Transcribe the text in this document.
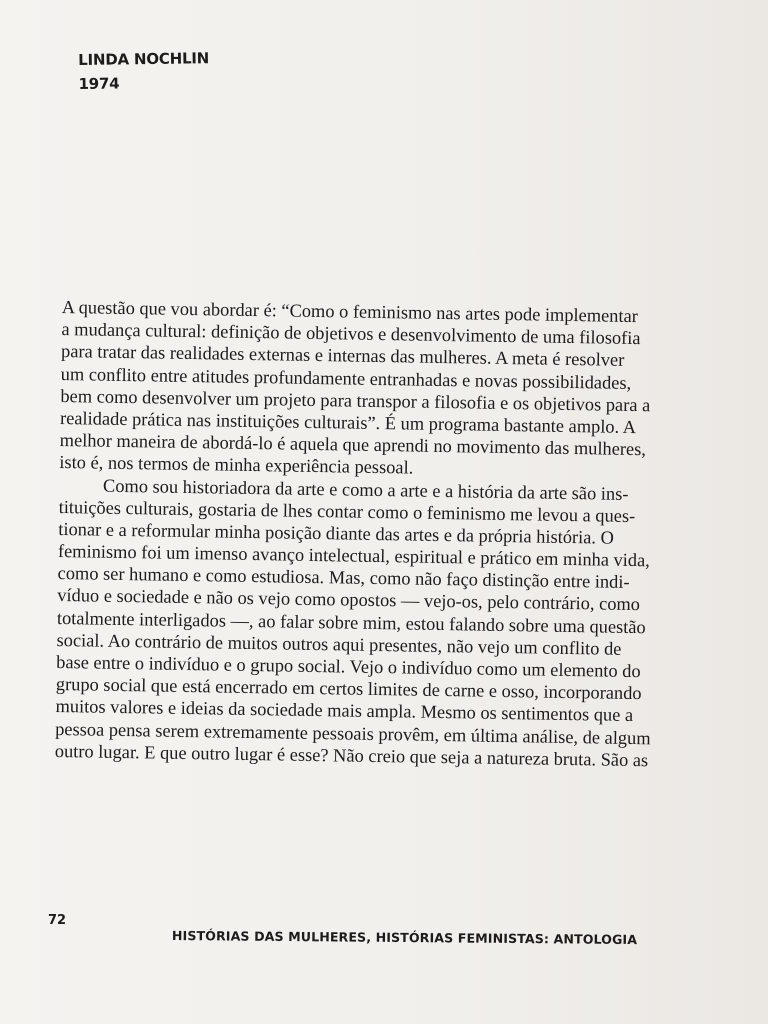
LINDA NOCHLIN
1974
A questão que vou abordar é: “Como o feminismo nas artes pode implementar
a mudança cultural: definição de objetivos e desenvolvimento de uma filosofia
para tratar das realidades externas e internas das mulheres. A meta é resolver
um conflito entre atitudes profundamente entranhadas e novas possibilidades,
bem como desenvolver um projeto para transpor a filosofia e os objetivos para a
realidade prática nas instituições culturais”. É um programa bastante amplo. A
melhor maneira de abordá-lo é aquela que aprendi no movimento das mulheres,
isto é, nos termos de minha experiência pessoal.
Como sou historiadora da arte e como a arte e a história da arte são ins-
tituições culturais, gostaria de lhes contar como o feminismo me levou a ques-
tionar e a reformular minha posição diante das artes e da própria história. O
feminismo foi um imenso avanço intelectual, espiritual e prático em minha vida,
como ser humano e como estudiosa. Mas, como não faço distinção entre indi-
víduo e sociedade e não os vejo como opostos — vejo-os, pelo contrário, como
totalmente interligados —, ao falar sobre mim, estou falando sobre uma questão
social. Ao contrário de muitos outros aqui presentes, não vejo um conflito de
base entre o indivíduo e o grupo social. Vejo o indivíduo como um elemento do
grupo social que está encerrado em certos limites de carne e osso, incorporando
muitos valores e ideias da sociedade mais ampla. Mesmo os sentimentos que a
pessoa pensa serem extremamente pessoais provêm, em última análise, de algum
outro lugar. E que outro lugar é esse? Não creio que seja a natureza bruta. São as
72
HISTÓRIAS DAS MULHERES, HISTÓRIAS FEMINISTAS: ANTOLOGIA
